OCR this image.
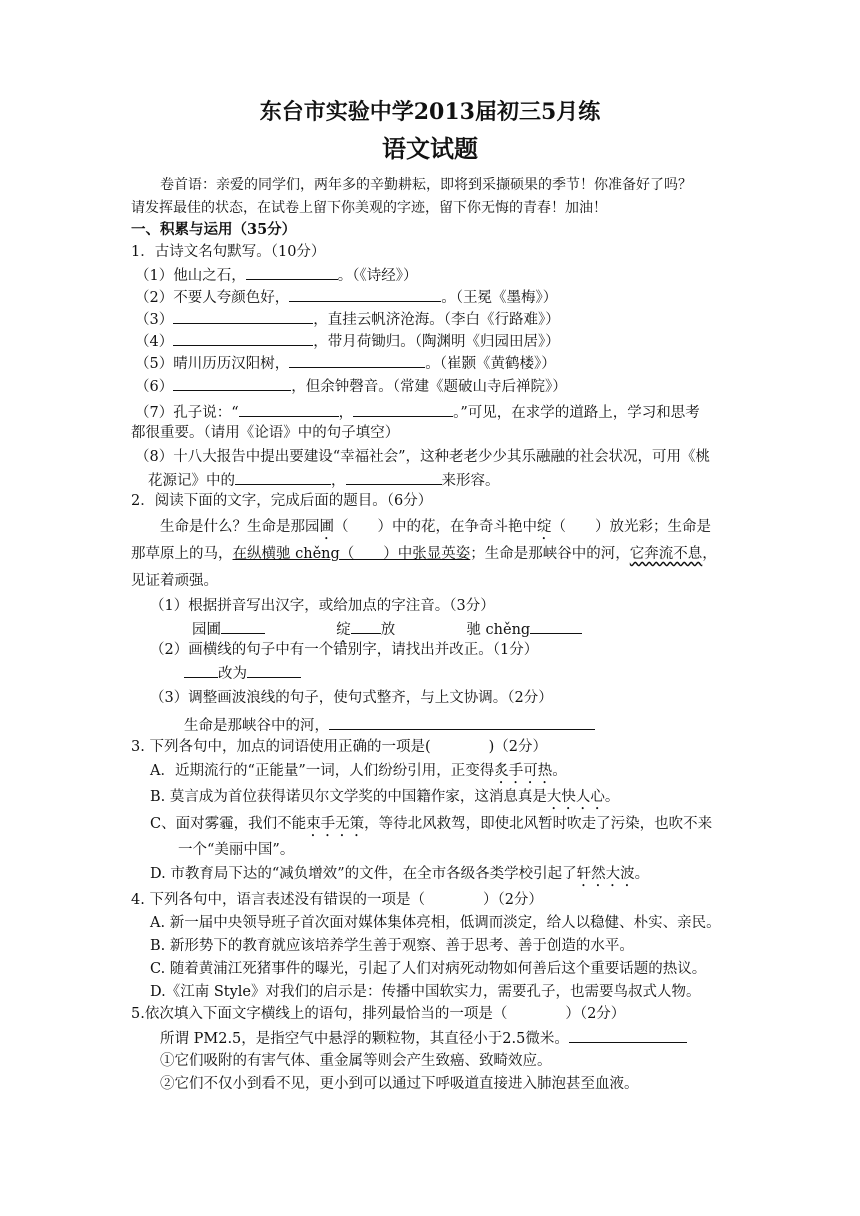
东台市实验中学2013届初三5月练
语文试题
卷首语：亲爱的同学们，两年多的辛勤耕耘，即将到采撷硕果的季节！你准备好了吗？
请发挥最佳的状态，在试卷上留下你美观的字迹，留下你无悔的青春！加油！
一、积累与运用（35分）
1．古诗文名句默写。（10分）
（1）他山之石，	。（《诗经》）
（2）不要人夸颜色好，	。（王冕《墨梅》）
（3）	，直挂云帆济沧海。（李白《行路难》）
（4）	，带月荷锄归。（陶渊明《归园田居》）
（5）晴川历历汉阳树，	。（崔颢《黄鹤楼》）
（6）	，但余钟磬音。（常建《题破山寺后禅院》）
（7）孔子说：“	，	。”可见，在求学的道路上，学习和思考
都很重要。（请用《论语》中的句子填空）
（8）十八大报告中提出要建设“幸福社会”，这种老老少少其乐融融的社会状况，可用《桃
花源记》中的	，	来形容。
2．阅读下面的文字，完成后面的题目。（6分）
生命是什么？生命是那园圃（　　）中的花，在争奇斗艳中绽（　　）放光彩；生命是
那草原上的马，在纵横驰 chěng（　　）中张显英姿；生命是那峡谷中的河，它奔流不息，
见证着顽强。
（1）根据拼音写出汉字，或给加点的字注音。（3分）
园圃	绽 放	驰 chěng
（2）画横线的句子中有一个错别字，请找出并改正。（1分）
改为
（3）调整画波浪线的句子，使句式整齐，与上文协调。（2分）
生命是那峡谷中的河，
3. 下列各句中，加点的词语使用正确的一项是(　　　　)（2分）
A．近期流行的“正能量”一词，人们纷纷引用，正变得炙手可热。
B. 莫言成为首位获得诺贝尔文学奖的中国籍作家，这消息真是大快人心。
C、面对雾霾，我们不能束手无策，等待北风救驾，即使北风暂时吹走了污染，也吹不来
一个“美丽中国”。
D. 市教育局下达的“减负增效”的文件，在全市各级各类学校引起了轩然大波。
4. 下列各句中，语言表述没有错误的一项是（　　　　）（2分）
A. 新一届中央领导班子首次面对媒体集体亮相，低调而淡定，给人以稳健、朴实、亲民。
B. 新形势下的教育就应该培养学生善于观察、善于思考、善于创造的水平。
C. 随着黄浦江死猪事件的曝光，引起了人们对病死动物如何善后这个重要话题的热议。
D.《江南 Style》对我们的启示是：传播中国软实力，需要孔子，也需要鸟叔式人物。
5.依次填入下面文字横线上的语句，排列最恰当的一项是（　　　　）（2分）
所谓 PM2.5，是指空气中悬浮的颗粒物，其直径小于2.5微米。
①它们吸附的有害气体、重金属等则会产生致癌、致畸效应。
②它们不仅小到看不见，更小到可以通过下呼吸道直接进入肺泡甚至血液。
